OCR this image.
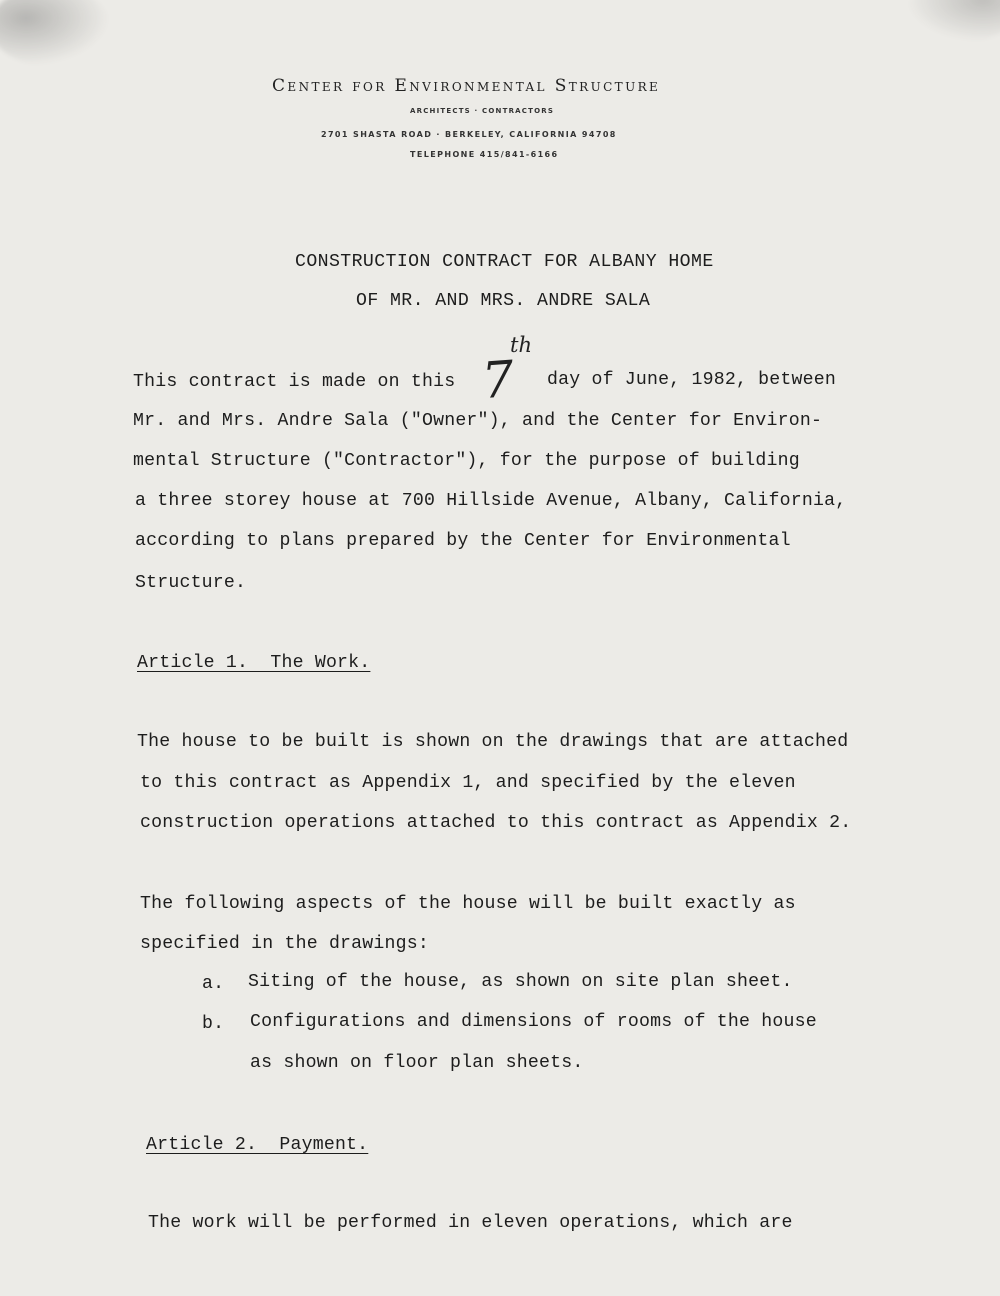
Center for Environmental Structure
ARCHITECTS · CONTRACTORS
2701 SHASTA ROAD · BERKELEY, CALIFORNIA 94708
TELEPHONE 415/841-6166
CONSTRUCTION CONTRACT FOR ALBANY HOME
OF MR. AND MRS. ANDRE SALA
This contract is made on this 7
th
day of June, 1982, between
Mr. and Mrs. Andre Sala ("Owner"), and the Center for Environ-
mental Structure ("Contractor"), for the purpose of building
a three storey house at 700 Hillside Avenue, Albany, California,
according to plans prepared by the Center for Environmental
Structure.
Article 1.  The Work.
The house to be built is shown on the drawings that are attached
to this contract as Appendix 1, and specified by the eleven
construction operations attached to this contract as Appendix 2.
The following aspects of the house will be built exactly as
specified in the drawings:
a. Siting of the house, as shown on site plan sheet.
b. Configurations and dimensions of rooms of the house
as shown on floor plan sheets.
Article 2.  Payment.
The work will be performed in eleven operations, which are
